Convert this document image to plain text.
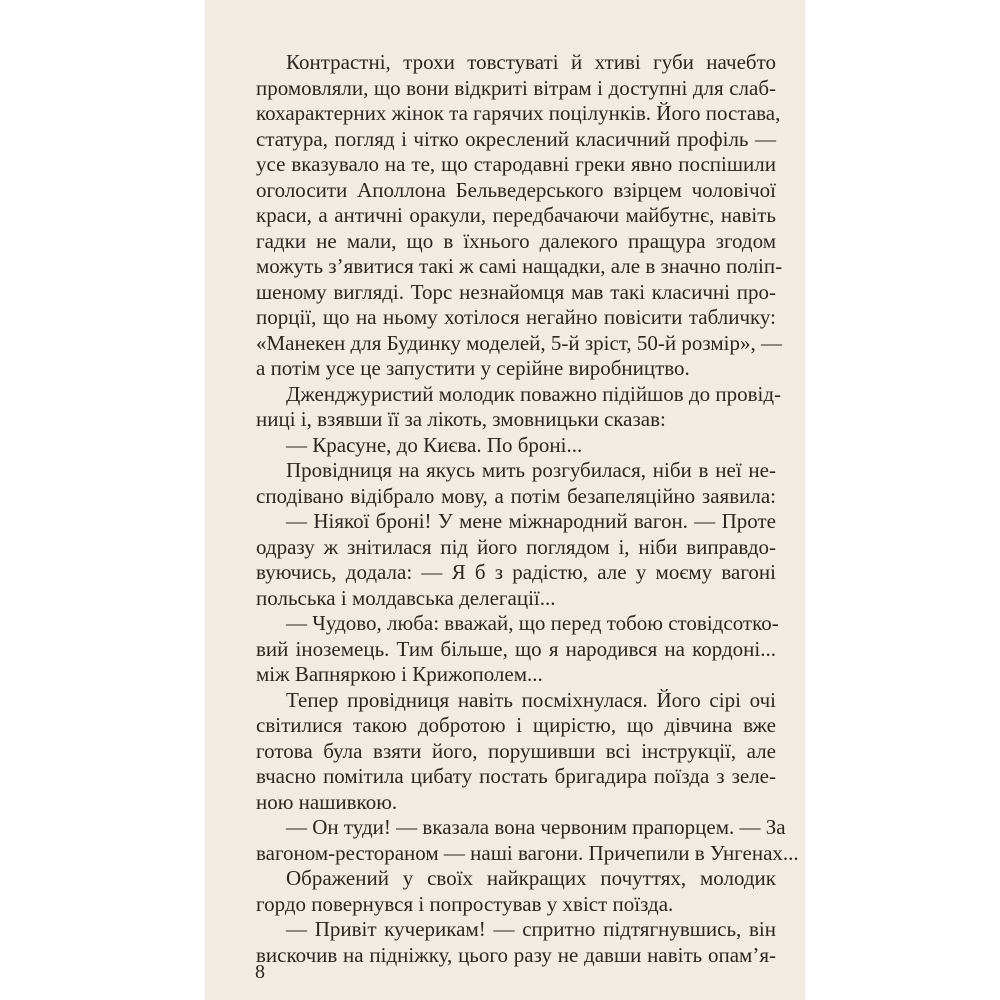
Контрастні, трохи товстуваті й хтиві губи начебто
промовляли, що вони відкриті вітрам і доступні для слаб-
кохарактерних жінок та гарячих поцілунків. Його постава,
статура, погляд і чітко окреслений класичний профіль —
усе вказувало на те, що стародавні греки явно поспішили
оголосити Аполлона Бельведерського взірцем чоловічої
краси, а античні оракули, передбачаючи майбутнє, навіть
гадки не мали, що в їхнього далекого пращура згодом
можуть з’явитися такі ж самі нащадки, але в значно поліп-
шеному вигляді. Торс незнайомця мав такі класичні про-
порції, що на ньому хотілося негайно повісити табличку:
«Манекен для Будинку моделей, 5-й зріст, 50-й розмір», —
а потім усе це запустити у серійне виробництво.
Дженджуристий молодик поважно підійшов до провід-
ниці і, взявши її за лікоть, змовницьки сказав:
— Красуне, до Києва. По броні...
Провідниця на якусь мить розгубилася, ніби в неї не-
сподівано відібрало мову, а потім безапеляційно заявила:
— Ніякої броні! У мене міжнародний вагон. — Проте
одразу ж знітилася під його поглядом і, ніби виправдо-
вуючись, додала: — Я б з радістю, але у моєму вагоні
польська і молдавська делегації...
— Чудово, люба: вважай, що перед тобою стовідсотко-
вий іноземець. Тим більше, що я народився на кордоні...
між Вапняркою і Крижополем...
Тепер провідниця навіть посміхнулася. Його сірі очі
світилися такою добротою і щирістю, що дівчина вже
готова була взяти його, порушивши всі інструкції, але
вчасно помітила цибату постать бригадира поїзда з зеле-
ною нашивкою.
— Он туди! — вказала вона червоним прапорцем. — За
вагоном-рестораном — наші вагони. Причепили в Унгенах...
Ображений у своїх найкращих почуттях, молодик
гордо повернувся і попростував у хвіст поїзда.
— Привіт кучерикам! — спритно підтягнувшись, він
вискочив на підніжку, цього разу не давши навіть опам’я-
8
